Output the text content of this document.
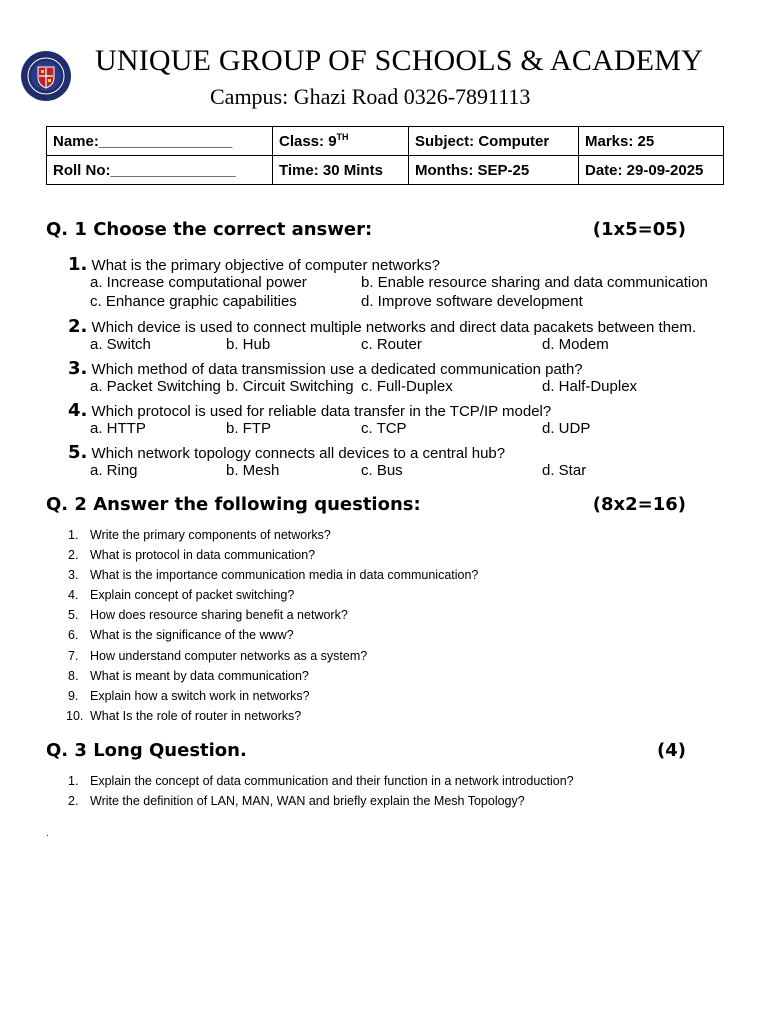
UNIQUE GROUP OF SCHOOLS & ACADEMY
Campus: Ghazi Road 0326-7891113
Name:________________	Class: 9TH	Subject: Computer	Marks: 25
Roll No:_______________	Time: 30 Mints	Months: SEP-25	Date: 29-09-2025
Q. 1 Choose the correct answer:	(1x5=05)
1. What is the primary objective of computer networks?
a. Increase computational power	b. Enable resource sharing and data communication
c. Enhance graphic capabilities	d. Improve software development
2. Which device is used to connect multiple networks and direct data pacakets between them.
a. Switch	b. Hub	c. Router	d. Modem
3. Which method of data transmission use a dedicated communication path?
a. Packet Switching b. Circuit Switching c. Full-Duplex	d. Half-Duplex
4. Which protocol is used for reliable data transfer in the TCP/IP model?
a. HTTP	b. FTP	c. TCP	d. UDP
5. Which network topology connects all devices to a central hub?
a. Ring	b. Mesh	c. Bus	d. Star
Q. 2 Answer the following questions:	(8x2=16)
1. Write the primary components of networks?
2. What is protocol in data communication?
3. What is the importance communication media in data communication?
4. Explain concept of packet switching?
5. How does resource sharing benefit a network?
6. What is the significance of the www?
7. How understand computer networks as a system?
8. What is meant by data communication?
9. Explain how a switch work in networks?
10. What Is the role of router in networks?
Q. 3 Long Question.	(4)
1. Explain the concept of data communication and their function in a network introduction?
2. Write the definition of LAN, MAN, WAN and briefly explain the Mesh Topology?
.
